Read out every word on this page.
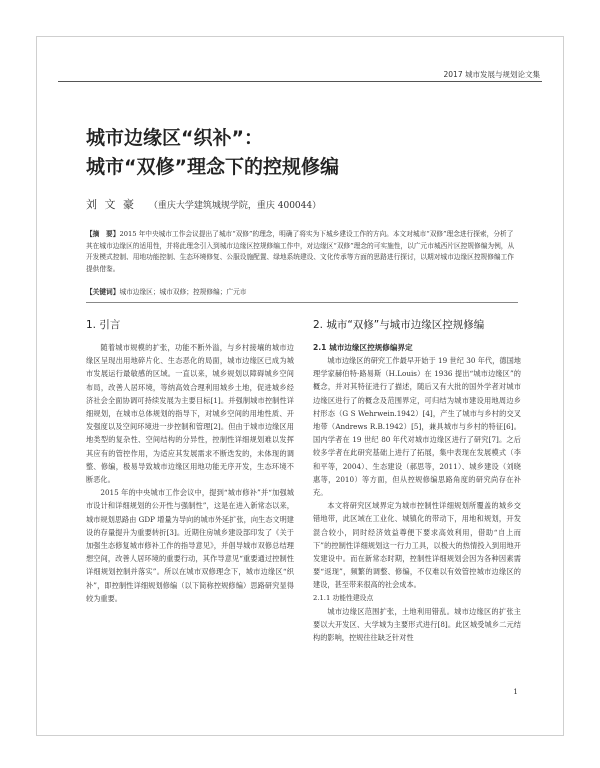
2017 城市发展与规划论文集
城市边缘区“织补”：
城市“双修”理念下的控规修编
刘 文 豪 （重庆大学建筑城规学院，重庆 400044）
【摘　要】2015 年中央城市工作会议提出了城市“双修”的理念，明确了将实为下城乡建设工作的方向。本文对城市“双修”理念进行探索，分析了其在城市边缘区的适用性，并将此理念引入到城市边缘区控规修编工作中，对边缘区“双修”理念的可实施性，以广元市城西片区控规修编为例，从开发模式控制、用地功能控制、生态环境修复、公服设施配置、绿地系统建设、文化传承等方面的思路进行探讨，以期对城市边缘区控规修编工作提供借鉴。
【关键词】城市边缘区；城市双修；控规修编；广元市
1. 引言

随着城市规模的扩张，功能不断外溢，与乡村接壤的城市边缘区呈现出用地碎片化、生态恶化的局面，城市边缘区已成为城市发展运行最敏感的区域。一直以来，城乡规划以障碍城乡空间布局，改善人居环境，等纳高效合理利用城乡土地，促进城乡经济社会全面协调可持续发展为主要目标[1]。并强制城市控制性详细规划，在城市总体规划的指导下，对城乡空间的用地性质、开发强度以及空间环境进一步控制和管理[2]。但由于城市边缘区用地类型的复杂性、空间结构的分异性，控制性详细规划难以发挥其应有的管控作用，为适应其发展需求不断迭发的，未体现的调整、修编，极易导致城市边缘区用地功能无序开发，生态环境不断恶化。

2015 年的中央城市工作会议中，提到“城市修补”并“加强城市设计和详细规划的公开性与强制性”，这是在进入新常态以来，城市规划思路由 GDP 增量为导向的城市外延扩张，向生态文明建设的存量提升为重要转折[3]。近期住房城乡建设部印发了《关于加强生态修复城市修补工作的指导意见》，并倡导城市双修总结理想空间，改善人居环境的重要行动，其作导意见“重要通过控制性详细规划控制并落实”。所以在城市双修理念下，城市边缘区“织补”，即控制性详细规划修编（以下简称控规修编）思路研究显得较为重要。

2. 城市“双修”与城市边缘区控规修编
2.1 城市边缘区控规修编界定

城市边缘区的研究工作最早开始于 19 世纪 30 年代，德国地理学家赫伯特·路易斯（H.Louis）在 1936 提出“城市边缘区”的概念，并对其特征进行了描述，随后又有大批的国外学者对城市边缘区进行了的概念及范围界定，可归结为城市建设用地周边乡村形态（G S Wehrwein.1942）[4]，产生了城市与乡村的交叉地带（Andrews R.B.1942）[5]，兼具城市与乡村的特征[6]。国内学者在 19 世纪 80 年代对城市边缘区进行了研究[7]。之后较多学者在此研究基础上进行了拓展，集中表现在发展模式（李和平等，2004）、生态建设（郝思等，2011）、城乡建设（刘晓惠等，2010）等方面，但从控规修编思路角度的研究尚存在补充。

本文将研究区域界定为城市控制性详细规划所覆盖的城乡交错地带，此区域在工业化、城镇化的带动下，用地和规划，开发混合较小，同时经济效益尊便下要求高效利用，借助“自上而下”的控制性详细规划这一行力工具，以极大的热情投入到用地开发建设中。而在新常态时期，控制性详细规划会因为各种因素需要“返现”，频繁的调整、修编，不仅难以有效管控城市边缘区的建设，甚至带来很高的社会成本。

2.1.1 功能性建设点

城市边缘区范围扩张，土地利用错乱。城市边缘区的扩张主要以大开发区、大学城为主要形式进行[8]。此区城受城乡二元结构的影响，控规往往缺乏针对性

1
